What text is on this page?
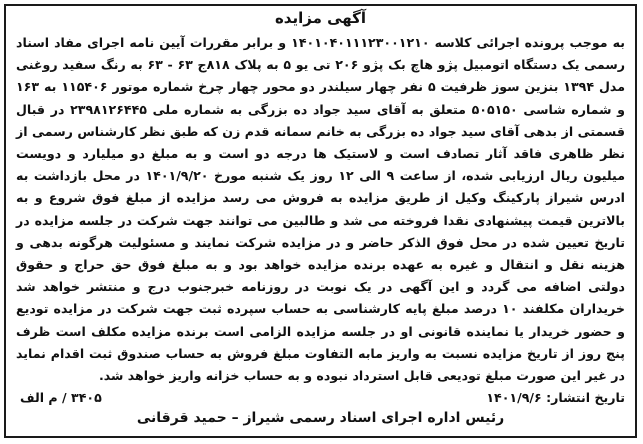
آگهی مزایده

به موجب پرونده اجرائی کلاسه ۱۴۰۱۰۴۰۱۱۱۲۳۰۰۱۲۱۰ و برابر مقررات آیین نامه اجرای مفاد اسناد رسمی یک دستگاه اتومبیل پژو هاچ بک پژو ۲۰۶ تی یو ۵ به پلاک ۸۱۸ج ۶۳ - ۶۳ به رنگ سفید روغنی مدل ۱۳۹۴ بنزین سوز ظرفیت ۵ نفر چهار سیلندر دو محور چهار چرخ شماره موتور ۱۱۵۴۰۶ به ۱۶۳ و شماره شاسی ۵۰۵۱۵۰ متعلق به آقای سید جواد ده بزرگی به شماره ملی ۲۳۹۸۱۲۶۴۴۵ در قبال قسمتی از بدهی آقای سید جواد ده بزرگی به خانم سمانه قدم زن که طبق نظر کارشناس رسمی از نظر ظاهری فاقد آثار تصادف است و لاستیک ها درجه دو است و به مبلغ دو میلیارد و دویست میلیون ریال ارزیابی شده، از ساعت ۹ الی ۱۲ روز یک شنبه مورخ ۱۴۰۱/۹/۲۰ در محل بازداشت به ادرس شیراز پارکینگ وکیل از طریق مزایده به فروش می رسد مزایده از مبلغ فوق شروع و به بالاترین قیمت پیشنهادی نقدا فروخته می شد و طالبین می توانند جهت شرکت در جلسه مزایده در تاریخ تعیین شده در محل فوق الذکر حاضر و در مزایده شرکت نمایند و مسئولیت هرگونه بدهی و هزینه نقل و انتقال و غیره به عهده برنده مزایده خواهد بود و به مبلغ فوق حق حراج و حقوق دولتی اضافه می گردد و این آگهی در یک نوبت در روزنامه خبرجنوب درج و منتشر خواهد شد خریداران مکلفند ۱۰ درصد مبلغ پایه کارشناسی به حساب سپرده ثبت جهت شرکت در مزایده تودیع و حضور خریدار یا نماینده قانونی او در جلسه مزایده الزامی است برنده مزایده مکلف است ظرف پنج روز از تاریخ مزایده نسبت به واریز مابه التفاوت مبلغ فروش به حساب صندوق ثبت اقدام نماید در غیر این صورت مبلغ تودیعی قابل استرداد نبوده و به حساب خزانه واریز خواهد شد.

تاریخ انتشار: ۱۴۰۱/۹/۶
۳۴۰۵ / م الف
رئیس اداره اجرای اسناد رسمی شیراز – حمید قرقانی
